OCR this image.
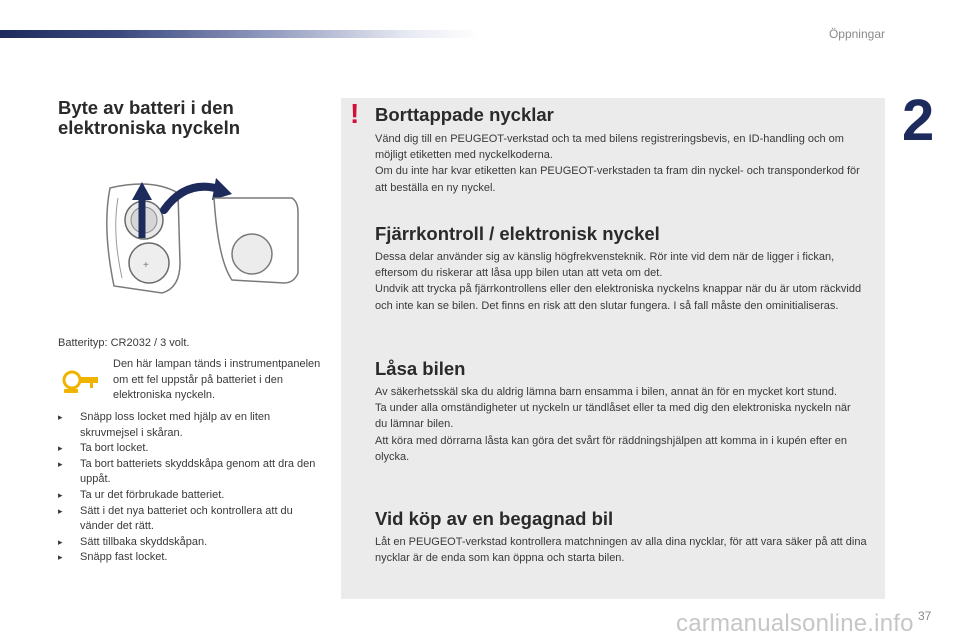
Öppningar
2
Byte av batteri i den elektroniska nyckeln
+
Batterityp: CR2032 / 3 volt.
Den här lampan tänds i instrumentpanelen om ett fel uppstår på batteriet i den elektroniska nyckeln.
▸ Snäpp loss locket med hjälp av en liten skruvmejsel i skåran.
▸ Ta bort locket.
▸ Ta bort batteriets skyddskåpa genom att dra den uppåt.
▸ Ta ur det förbrukade batteriet.
▸ Sätt i det nya batteriet och kontrollera att du vänder det rätt.
▸ Sätt tillbaka skyddskåpan.
▸ Snäpp fast locket.
! Borttappade nycklar

Vänd dig till en PEUGEOT-verkstad och ta med bilens registreringsbevis, en ID-handling och om möjligt etiketten med nyckelkoderna.

Om du inte har kvar etiketten kan PEUGEOT-verkstaden ta fram din nyckel- och transponderkod för att beställa en ny nyckel.

Fjärrkontroll / elektronisk nyckel

Dessa delar använder sig av känslig högfrekvensteknik. Rör inte vid dem när de ligger i fickan, eftersom du riskerar att låsa upp bilen utan att veta om det.

Undvik att trycka på fjärrkontrollens eller den elektroniska nyckelns knappar när du är utom räckvidd och inte kan se bilen. Det finns en risk att den slutar fungera. I så fall måste den ominitialiseras.

Låsa bilen

Av säkerhetsskäl ska du aldrig lämna barn ensamma i bilen, annat än för en mycket kort stund.

Ta under alla omständigheter ut nyckeln ur tändlåset eller ta med dig den elektroniska nyckeln när du lämnar bilen.

Att köra med dörrarna låsta kan göra det svårt för räddningshjälpen att komma in i kupén efter en olycka.

Vid köp av en begagnad bil

Låt en PEUGEOT-verkstad kontrollera matchningen av alla dina nycklar, för att vara säker på att dina nycklar är de enda som kan öppna och starta bilen.

carmanualsonline.info 37
